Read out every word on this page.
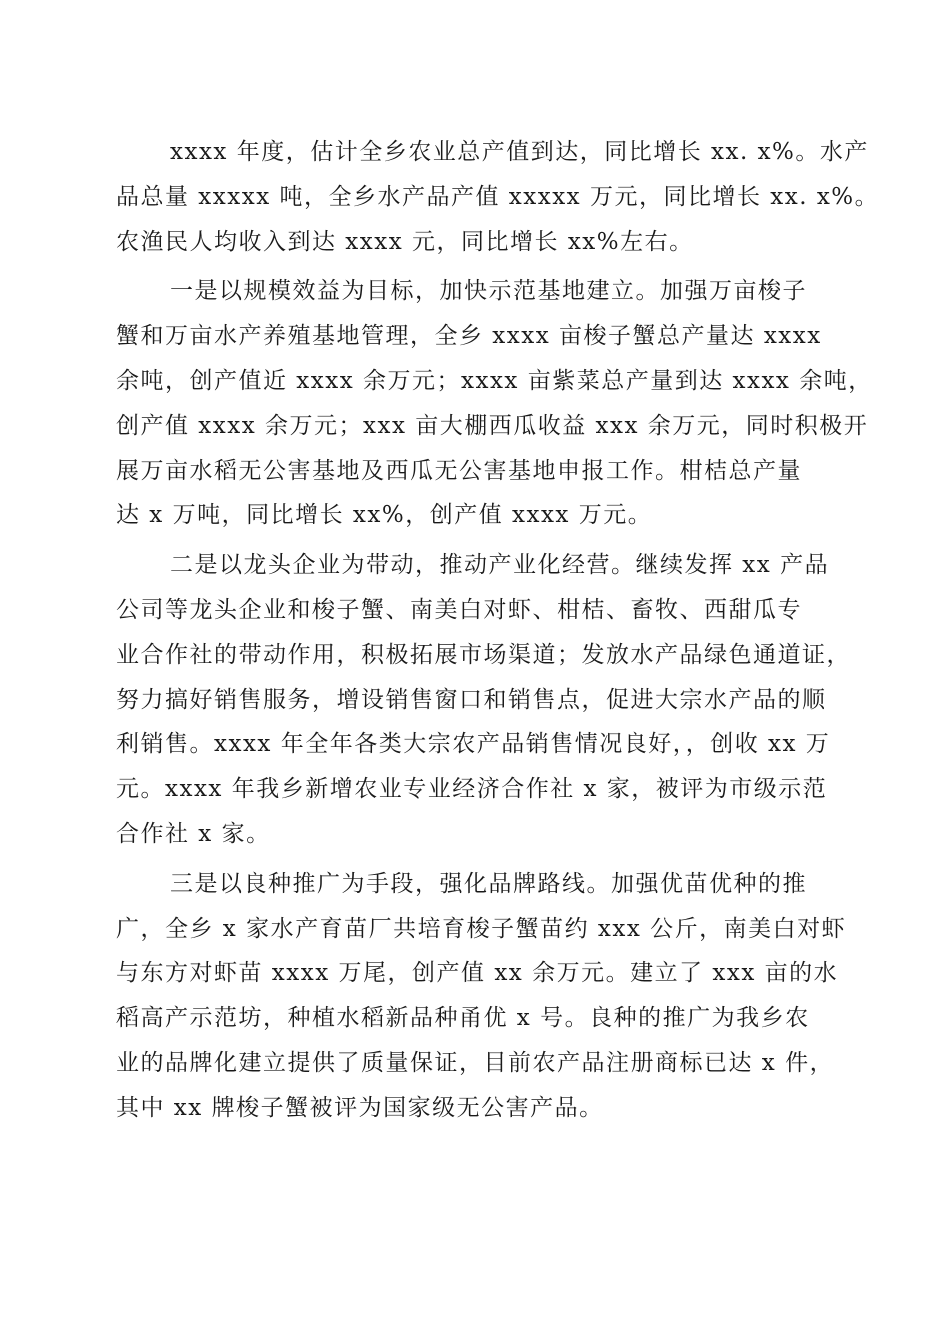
xxxx 年度，估计全乡农业总产值到达，同比增长 xx. x%。水产
品总量 xxxxx 吨，全乡水产品产值 xxxxx 万元，同比增长 xx. x%。
农渔民人均收入到达 xxxx 元，同比增长 xx%左右。

一是以规模效益为目标，加快示范基地建立。加强万亩梭子
蟹和万亩水产养殖基地管理，全乡 xxxx 亩梭子蟹总产量达 xxxx
余吨，创产值近 xxxx 余万元；xxxx 亩紫菜总产量到达 xxxx 余吨，
创产值 xxxx 余万元；xxx 亩大棚西瓜收益 xxx 余万元，同时积极开
展万亩水稻无公害基地及西瓜无公害基地申报工作。柑桔总产量
达 x 万吨，同比增长 xx%，创产值 xxxx 万元。

二是以龙头企业为带动，推动产业化经营。继续发挥 xx 产品
公司等龙头企业和梭子蟹、南美白对虾、柑桔、畜牧、西甜瓜专
业合作社的带动作用，积极拓展市场渠道；发放水产品绿色通道证，
努力搞好销售服务，增设销售窗口和销售点，促进大宗水产品的顺
利销售。xxxx 年全年各类大宗农产品销售情况良好，，创收 xx 万
元。xxxx 年我乡新增农业专业经济合作社 x 家，被评为市级示范
合作社 x 家。

三是以良种推广为手段，强化品牌路线。加强优苗优种的推
广，全乡 x 家水产育苗厂共培育梭子蟹苗约 xxx 公斤，南美白对虾
与东方对虾苗 xxxx 万尾，创产值 xx 余万元。建立了 xxx 亩的水
稻高产示范坊，种植水稻新品种甬优 x 号。良种的推广为我乡农
业的品牌化建立提供了质量保证，目前农产品注册商标已达 x 件，
其中 xx 牌梭子蟹被评为国家级无公害产品。
